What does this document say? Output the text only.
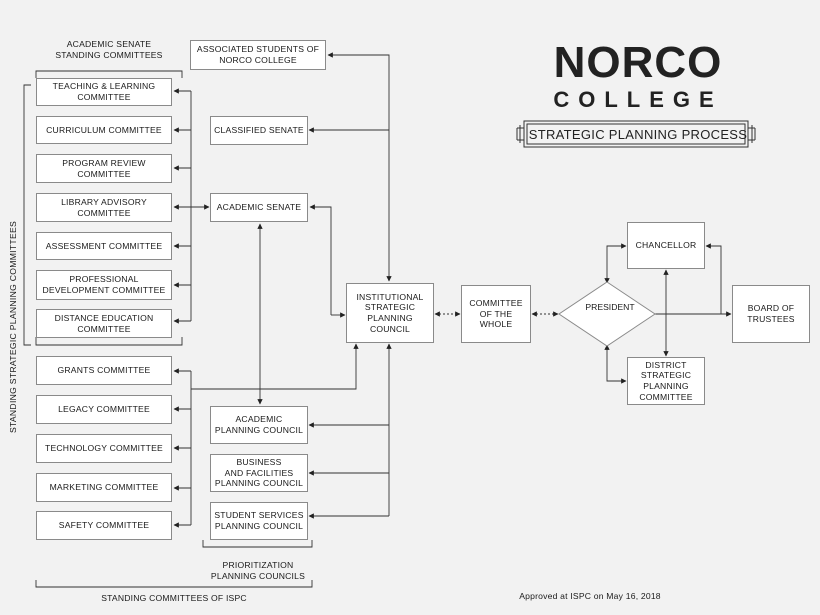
NORCO
COLLEGE
STRATEGIC PLANNING PROCESS
ACADEMIC SENATE
STANDING COMMITTEES
STANDING STRATEGIC PLANNING COMMITTEES
PRIORITIZATION
PLANNING COUNCILS
STANDING COMMITTEES OF ISPC	Approved at ISPC on May 16, 2018
TEACHING & LEARNING
COMMITTEE
CURRICULUM COMMITTEE
PROGRAM REVIEW
COMMITTEE
LIBRARY ADVISORY
COMMITTEE
ASSESSMENT COMMITTEE
PROFESSIONAL
DEVELOPMENT COMMITTEE
DISTANCE EDUCATION
COMMITTEE
GRANTS COMMITTEE
LEGACY COMMITTEE
TECHNOLOGY COMMITTEE
MARKETING COMMITTEE
SAFETY COMMITTEE
ASSOCIATED STUDENTS OF
NORCO COLLEGE
CLASSIFIED SENATE
ACADEMIC SENATE
ACADEMIC
PLANNING COUNCIL
BUSINESS
AND FACILITIES
PLANNING COUNCIL
STUDENT SERVICES
PLANNING COUNCIL
INSTITUTIONAL
STRATEGIC
PLANNING
COUNCIL
COMMITTEE
OF THE
WHOLE
PRESIDENT
CHANCELLOR
DISTRICT
STRATEGIC
PLANNING
COMMITTEE
BOARD OF
TRUSTEES
